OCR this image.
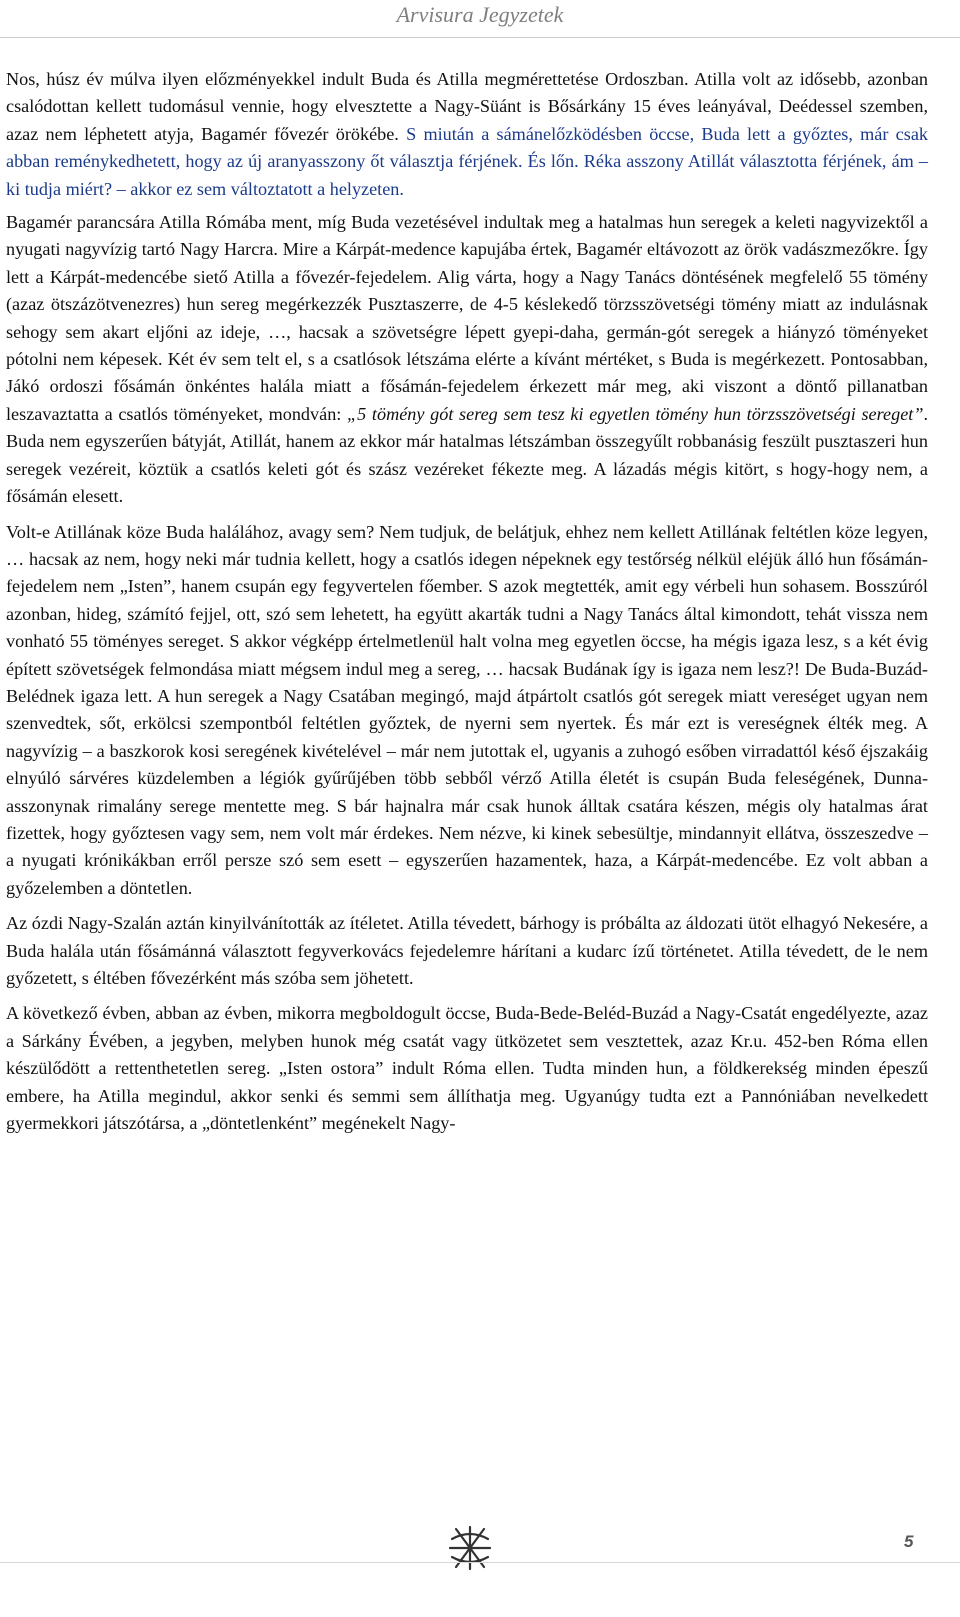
Arvisura Jegyzetek

Nos, húsz év múlva ilyen előzményekkel indult Buda és Atilla megmérettetése Ordoszban. Atilla volt az idősebb, azonban csalódottan kellett tudomásul vennie, hogy elvesztette a Nagy-Süánt is Bősárkány 15 éves leányával, Deédessel szemben, azaz nem léphetett atyja, Bagamér fővezér örökébe. S miután a sámánelőzködésben öccse, Buda lett a győztes, már csak abban reménykedhetett, hogy az új aranyasszony őt választja férjének. És lőn. Réka asszony Atillát választotta férjének, ám – ki tudja miért? – akkor ez sem változtatott a helyzeten.

Bagamér parancsára Atilla Rómába ment, míg Buda vezetésével indultak meg a hatalmas hun seregek a keleti nagyvizektől a nyugati nagyvízig tartó Nagy Harcra. Mire a Kárpát-medence kapujába értek, Bagamér eltávozott az örök vadászmezőkre. Így lett a Kárpát-medencébe siető Atilla a fővezér-fejedelem. Alig várta, hogy a Nagy Tanács döntésének megfelelő 55 tömény (azaz ötszázötvenezres) hun sereg megérkezzék Pusztaszerre, de 4-5 késlekedő törzsszövetségi tömény miatt az indulásnak sehogy sem akart eljőni az ideje, …, hacsak a szövetségre lépett gyepi-daha, germán-gót seregek a hiányzó töményeket pótolni nem képesek. Két év sem telt el, s a csatlósok létszáma elérte a kívánt mértéket, s Buda is megérkezett. Pontosabban, Jákó ordoszi fősámán önkéntes halála miatt a fősámán-fejedelem érkezett már meg, aki viszont a döntő pillanatban leszavaztatta a csatlós töményeket, mondván: „5 tömény gót sereg sem tesz ki egyetlen tömény hun törzsszövetségi sereget”. Buda nem egyszerűen bátyját, Atillát, hanem az ekkor már hatalmas létszámban összegyűlt robbanásig feszült pusztaszeri hun seregek vezéreit, köztük a csatlós keleti gót és szász vezéreket fékezte meg. A lázadás mégis kitört, s hogy-hogy nem, a fősámán elesett.

Volt-e Atillának köze Buda halálához, avagy sem? Nem tudjuk, de belátjuk, ehhez nem kellett Atillának feltétlen köze legyen, … hacsak az nem, hogy neki már tudnia kellett, hogy a csatlós idegen népeknek egy testőrség nélkül eléjük álló hun fősámán-fejedelem nem „Isten”, hanem csupán egy fegyvertelen főember. S azok megtették, amit egy vérbeli hun sohasem. Bosszúról azonban, hideg, számító fejjel, ott, szó sem lehetett, ha együtt akarták tudni a Nagy Tanács által kimondott, tehát vissza nem vonható 55 töményes sereget. S akkor végképp értelmetlenül halt volna meg egyetlen öccse, ha mégis igaza lesz, s a két évig épített szövetségek felmondása miatt mégsem indul meg a sereg, … hacsak Budának így is igaza nem lesz?! De Buda-Buzád-Belédnek igaza lett. A hun seregek a Nagy Csatában megingó, majd átpártolt csatlós gót seregek miatt vereséget ugyan nem szenvedtek, sőt, erkölcsi szempontból feltétlen győztek, de nyerni sem nyertek. És már ezt is vereségnek élték meg. A nagyvízig – a baszkorok kosi seregének kivételével – már nem jutottak el, ugyanis a zuhogó esőben virradattól késő éjszakáig elnyúló sárvéres küzdelemben a légiók gyűrűjében több sebből vérző Atilla életét is csupán Buda feleségének, Dunna-asszonynak rimalány serege mentette meg. S bár hajnalra már csak hunok álltak csatára készen, mégis oly hatalmas árat fizettek, hogy győztesen vagy sem, nem volt már érdekes. Nem nézve, ki kinek sebesültje, mindannyit ellátva, összeszedve – a nyugati krónikákban erről persze szó sem esett – egyszerűen hazamentek, haza, a Kárpát-medencébe. Ez volt abban a győzelemben a döntetlen.

Az ózdi Nagy-Szalán aztán kinyilvánították az ítéletet. Atilla tévedett, bárhogy is próbálta az áldozati ütöt elhagyó Nekesére, a Buda halála után fősámánná választott fegyverkovács fejedelemre hárítani a kudarc ízű történetet. Atilla tévedett, de le nem győzetett, s éltében fővezérként más szóba sem jöhetett.

A következő évben, abban az évben, mikorra megboldogult öccse, Buda-Bede-Beléd-Buzád a Nagy-Csatát engedélyezte, azaz a Sárkány Évében, a jegyben, melyben hunok még csatát vagy ütközetet sem vesztettek, azaz Kr.u. 452-ben Róma ellen készülődött a rettenthetetlen sereg. „Isten ostora” indult Róma ellen. Tudta minden hun, a földkerekség minden épeszű embere, ha Atilla megindul, akkor senki és semmi sem állíthatja meg. Ugyanúgy tudta ezt a Pannóniában nevelkedett gyermekkori játszótársa, a „döntetlenként” megénekelt Nagy-

5
